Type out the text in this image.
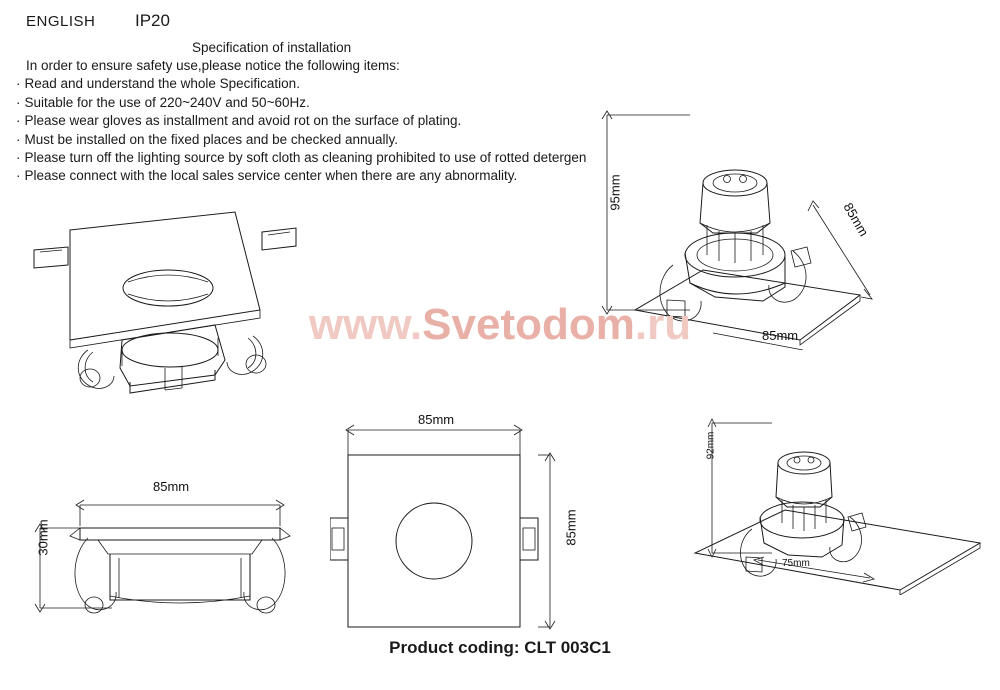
ENGLISH IP20
Specification of installation
In order to ensure safety use,please notice the following items:
· Read and understand the whole Specification.
· Suitable for the use of 220~240V and 50~60Hz.
· Please wear gloves as installment and avoid rot on the surface of plating.
· Must be installed on the fixed places and be checked annually.
· Please turn off the lighting source by soft cloth as cleaning prohibited to use of rotted detergen
· Please connect with the local sales service center when there are any abnormality.	95mm
85mm
85mm
85mm
30mm
85mm
85mm
92mm
75mm
www.Svetodom.ru
Product coding: CLT 003C1
